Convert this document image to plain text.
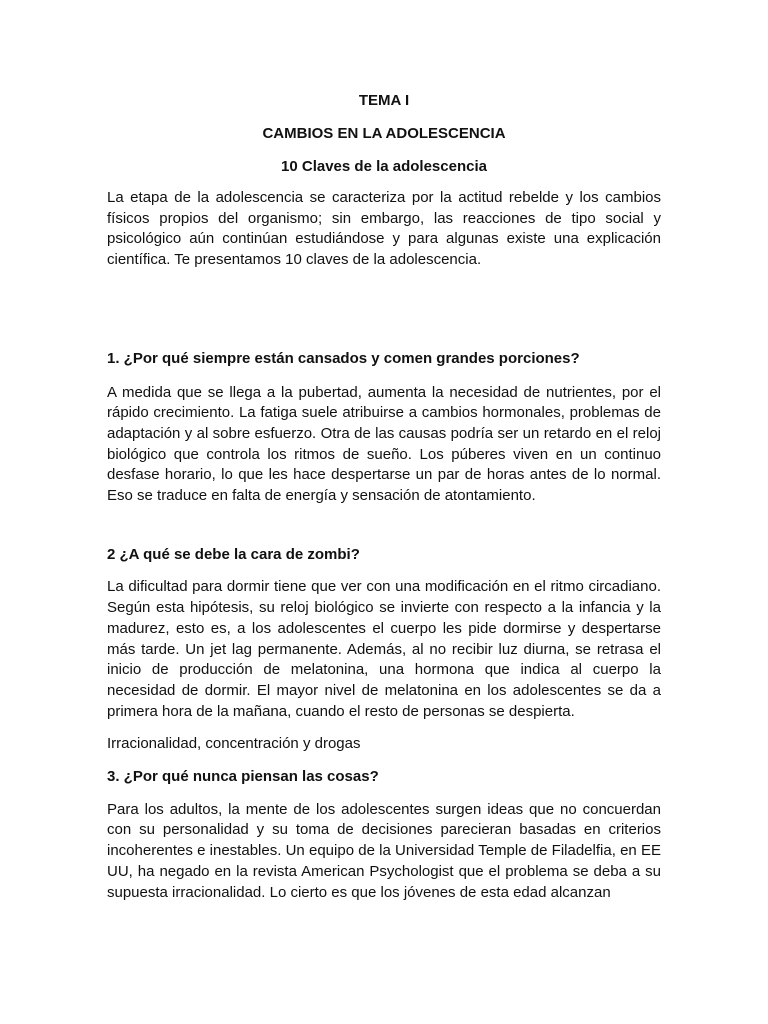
TEMA I
CAMBIOS EN LA ADOLESCENCIA
10 Claves de la adolescencia

La etapa de la adolescencia se caracteriza por la actitud rebelde y los cambios físicos propios del organismo; sin embargo, las reacciones de tipo social y psicológico aún continúan estudiándose y para algunas existe una explicación científica. Te presentamos 10 claves de la adolescencia.

1. ¿Por qué siempre están cansados y comen grandes porciones?

A medida que se llega a la pubertad, aumenta la necesidad de nutrientes, por el rápido crecimiento. La fatiga suele atribuirse a cambios hormonales, problemas de adaptación y al sobre esfuerzo. Otra de las causas podría ser un retardo en el reloj biológico que controla los ritmos de sueño. Los púberes viven en un continuo desfase horario, lo que les hace despertarse un par de horas antes de lo normal. Eso se traduce en falta de energía y sensación de atontamiento.

2 ¿A qué se debe la cara de zombi?

La dificultad para dormir tiene que ver con una modificación en el ritmo circadiano. Según esta hipótesis, su reloj biológico se invierte con respecto a la infancia y la madurez, esto es, a los adolescentes el cuerpo les pide dormirse y despertarse más tarde. Un jet lag permanente. Además, al no recibir luz diurna, se retrasa el inicio de producción de melatonina, una hormona que indica al cuerpo la necesidad de dormir. El mayor nivel de melatonina en los adolescentes se da a primera hora de la mañana, cuando el resto de personas se despierta.

Irracionalidad, concentración y drogas

3. ¿Por qué nunca piensan las cosas?

Para los adultos, la mente de los adolescentes surgen ideas que no concuerdan con su personalidad y su toma de decisiones parecieran basadas en criterios incoherentes e inestables. Un equipo de la Universidad Temple de Filadelfia, en EE UU, ha negado en la revista American Psychologist que el problema se deba a su supuesta irracionalidad. Lo cierto es que los jóvenes de esta edad alcanzan
